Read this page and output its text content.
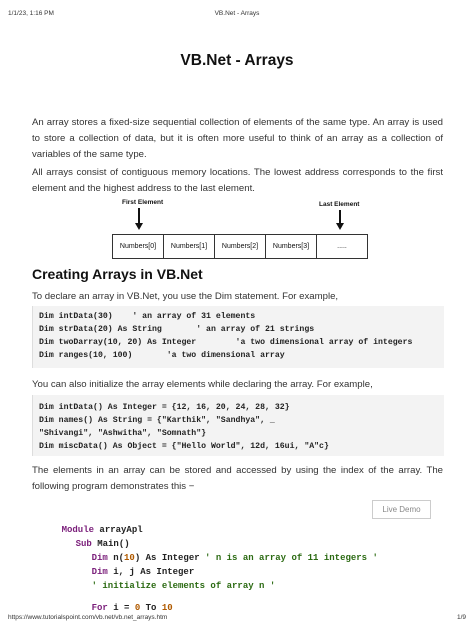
1/1/23, 1:16 PM	VB.Net - Arrays
VB.Net - Arrays
An array stores a fixed-size sequential collection of elements of the same type. An array is used to store a collection of data, but it is often more useful to think of an array as a collection of variables of the same type.
All arrays consist of contiguous memory locations. The lowest address corresponds to the first element and the highest address to the last element.
First Element	Last Element
Numbers[0]	Numbers[1]	Numbers[2]	Numbers[3]	.....
Creating Arrays in VB.Net
To declare an array in VB.Net, you use the Dim statement. For example,
Dim intData(30)    ' an array of 31 elements
Dim strData(20) As String       ' an array of 21 strings
Dim twoDarray(10, 20) As Integer        'a two dimensional array of integers
Dim ranges(10, 100)       'a two dimensional array
You can also initialize the array elements while declaring the array. For example,
Dim intData() As Integer = {12, 16, 20, 24, 28, 32}
Dim names() As String = {"Karthik", "Sandhya", _
"Shivangi", "Ashwitha", "Somnath"}
Dim miscData() As Object = {"Hello World", 12d, 16ui, "A"c}
The elements in an array can be stored and accessed by using the index of the array. The following program demonstrates this −
Live Demo

Module arrayApl

Sub Main()

Dim n(10) As Integer ' n is an array of 11 integers '

Dim i, j As Integer

' initialize elements of array n '

For i = 0 To 10

https://www.tutorialspoint.com/vb.net/vb.net_arrays.htm	1/9
